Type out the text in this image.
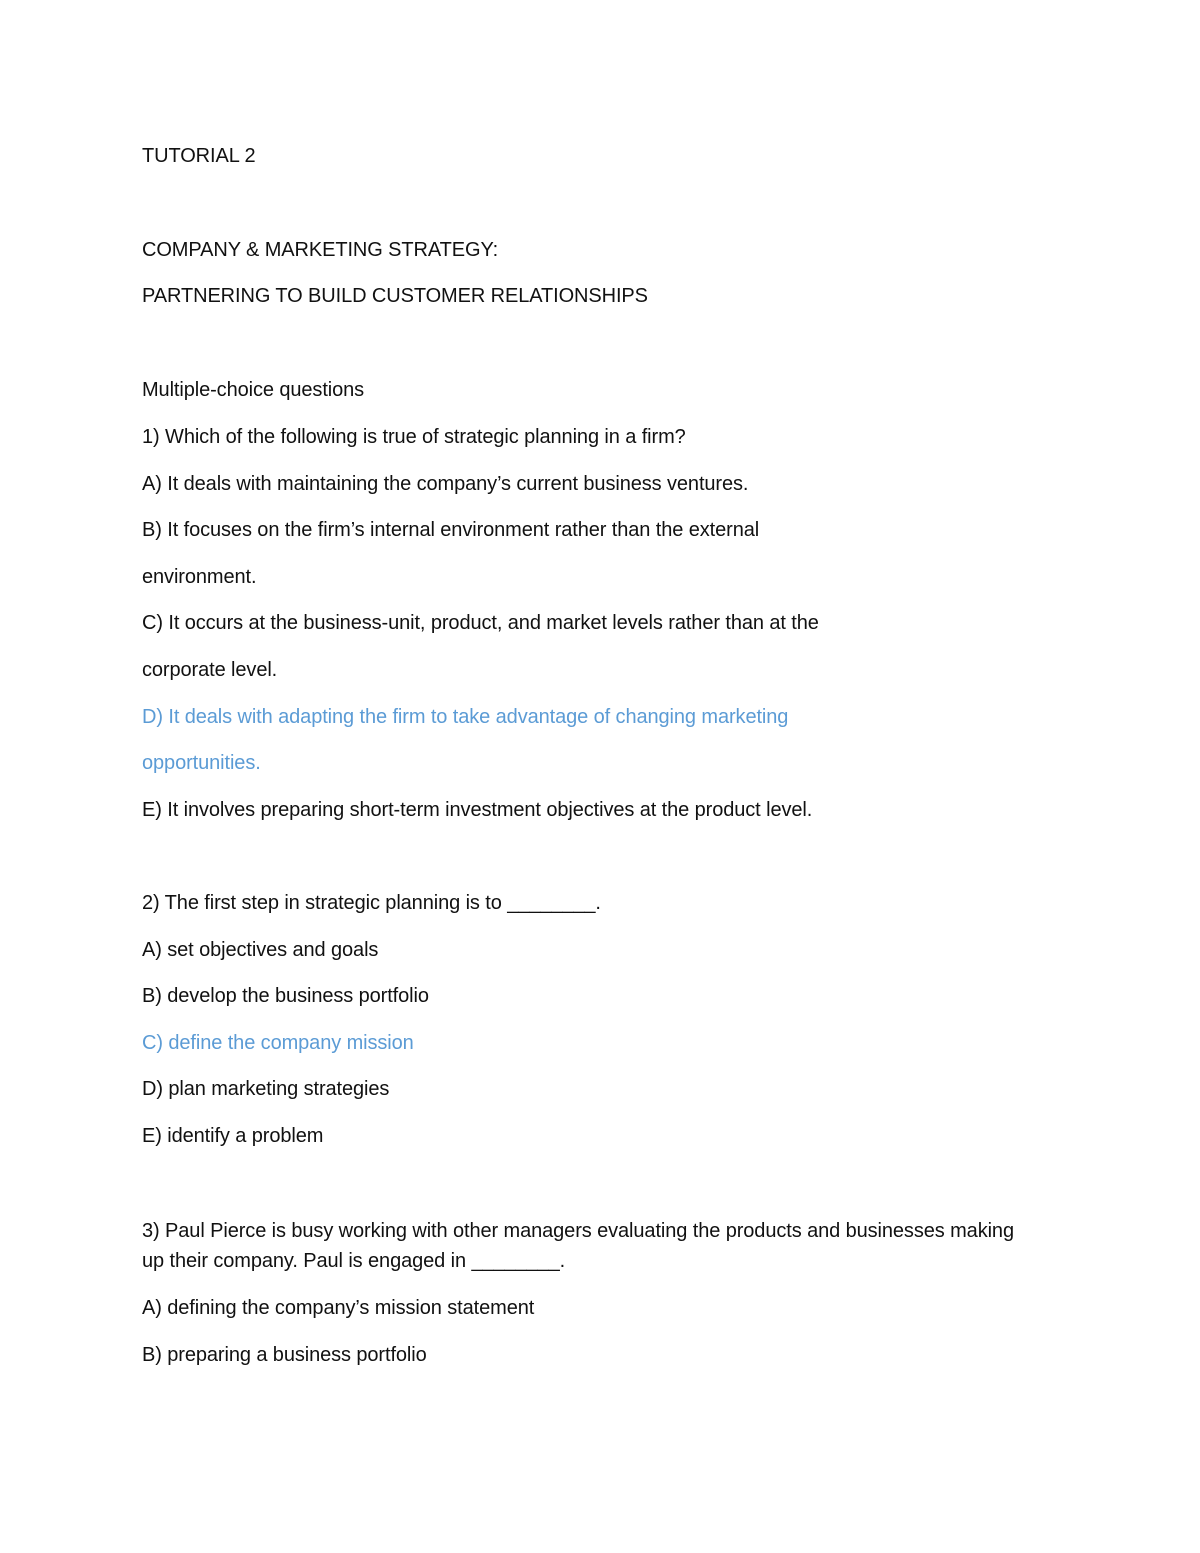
TUTORIAL 2
COMPANY & MARKETING STRATEGY:
PARTNERING TO BUILD CUSTOMER RELATIONSHIPS
Multiple-choice questions
1) Which of the following is true of strategic planning in a firm?
A) It deals with maintaining the company’s current business ventures.
B) It focuses on the firm’s internal environment rather than the external
environment.
C) It occurs at the business-unit, product, and market levels rather than at the
corporate level.
D) It deals with adapting the firm to take advantage of changing marketing
opportunities.
E) It involves preparing short-term investment objectives at the product level.
2) The first step in strategic planning is to ________.
A) set objectives and goals
B) develop the business portfolio
C) define the company mission
D) plan marketing strategies
E) identify a problem
3) Paul Pierce is busy working with other managers evaluating the products and businesses making up their company. Paul is engaged in ________.
A) defining the company’s mission statement
B) preparing a business portfolio
